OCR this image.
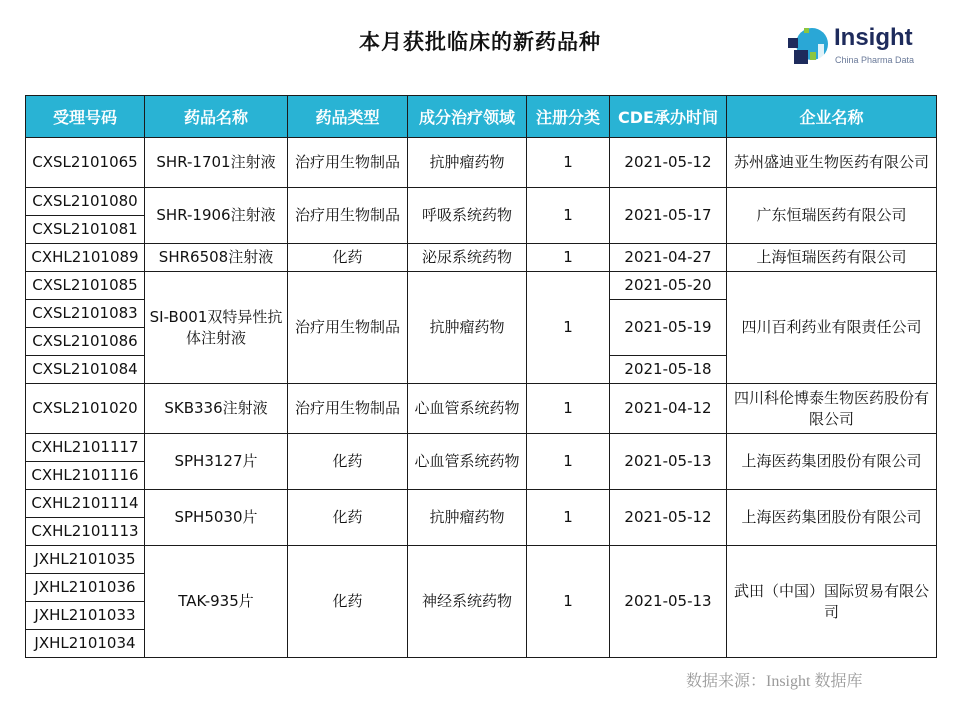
本月获批临床的新药品种	Insight
China Pharma Data
受理号码	药品名称	药品类型	成分治疗领域	注册分类	CDE承办时间	企业名称
CXSL2101065	SHR-1701注射液	治疗用生物制品	抗肿瘤药物	1	2021-05-12	苏州盛迪亚生物医药有限公司
CXSL2101080	SHR-1906注射液	治疗用生物制品	呼吸系统药物	1	2021-05-17	广东恒瑞医药有限公司
CXSL2101081						
CXHL2101089	SHR6508注射液	化药	泌尿系统药物	1	2021-04-27	上海恒瑞医药有限公司
CXSL2101085	SI-B001双特异性抗体注射液	治疗用生物制品	抗肿瘤药物	1	2021-05-20	四川百利药业有限责任公司
CXSL2101083					2021-05-19	
CXSL2101086						
CXSL2101084					2021-05-18	
CXSL2101020	SKB336注射液	治疗用生物制品	心血管系统药物	1	2021-04-12	四川科伦博泰生物医药股份有限公司
CXHL2101117	SPH3127片	化药	心血管系统药物	1	2021-05-13	上海医药集团股份有限公司
CXHL2101116						
CXHL2101114	SPH5030片	化药	抗肿瘤药物	1	2021-05-12	上海医药集团股份有限公司
CXHL2101113						
JXHL2101035	TAK-935片	化药	神经系统药物	1	2021-05-13	武田（中国）国际贸易有限公司
JXHL2101036						
JXHL2101033						
JXHL2101034						
数据来源：Insight 数据库
